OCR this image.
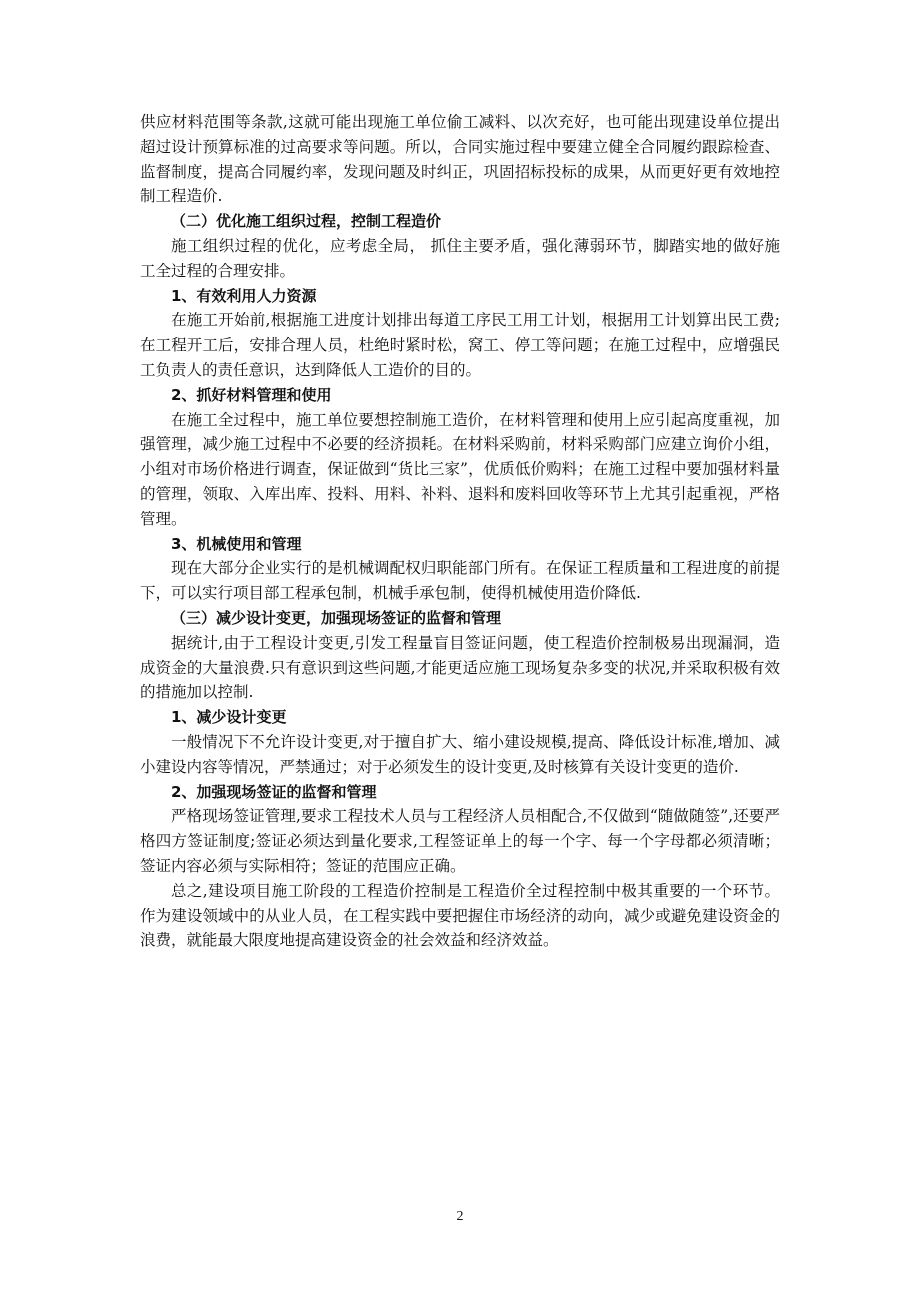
供应材料范围等条款,这就可能出现施工单位偷工减料、以次充好，也可能出现建设单位提出超过设计预算标准的过高要求等问题。所以，合同实施过程中要建立健全合同履约跟踪检查、监督制度，提高合同履约率，发现问题及时纠正，巩固招标投标的成果，从而更好更有效地控制工程造价.

（二）优化施工组织过程，控制工程造价

施工组织过程的优化，应考虑全局， 抓住主要矛盾，强化薄弱环节，脚踏实地的做好施工全过程的合理安排。

1、有效利用人力资源

在施工开始前,根据施工进度计划排出每道工序民工用工计划，根据用工计划算出民工费;在工程开工后，安排合理人员，杜绝时紧时松，窝工、停工等问题；在施工过程中，应增强民工负责人的责任意识，达到降低人工造价的目的。

2、抓好材料管理和使用

在施工全过程中，施工单位要想控制施工造价，在材料管理和使用上应引起高度重视，加强管理，减少施工过程中不必要的经济损耗。在材料采购前，材料采购部门应建立询价小组，小组对市场价格进行调查，保证做到“货比三家”，优质低价购料；在施工过程中要加强材料量的管理，领取、入库出库、投料、用料、补料、退料和废料回收等环节上尤其引起重视，严格管理。

3、机械使用和管理

现在大部分企业实行的是机械调配权归职能部门所有。在保证工程质量和工程进度的前提下，可以实行项目部工程承包制，机械手承包制，使得机械使用造价降低.

（三）减少设计变更，加强现场签证的监督和管理

据统计,由于工程设计变更,引发工程量盲目签证问题，使工程造价控制极易出现漏洞，造成资金的大量浪费.只有意识到这些问题,才能更适应施工现场复杂多变的状况,并采取积极有效的措施加以控制.

1、减少设计变更

一般情况下不允许设计变更,对于擅自扩大、缩小建设规模,提高、降低设计标准,增加、减小建设内容等情况，严禁通过；对于必须发生的设计变更,及时核算有关设计变更的造价.

2、加强现场签证的监督和管理

严格现场签证管理,要求工程技术人员与工程经济人员相配合,不仅做到“随做随签”,还要严格四方签证制度;签证必须达到量化要求,工程签证单上的每一个字、每一个字母都必须清晰；签证内容必须与实际相符；签证的范围应正确。

总之,建设项目施工阶段的工程造价控制是工程造价全过程控制中极其重要的一个环节。作为建设领域中的从业人员，在工程实践中要把握住市场经济的动向，减少或避免建设资金的浪费，就能最大限度地提高建设资金的社会效益和经济效益。

2
